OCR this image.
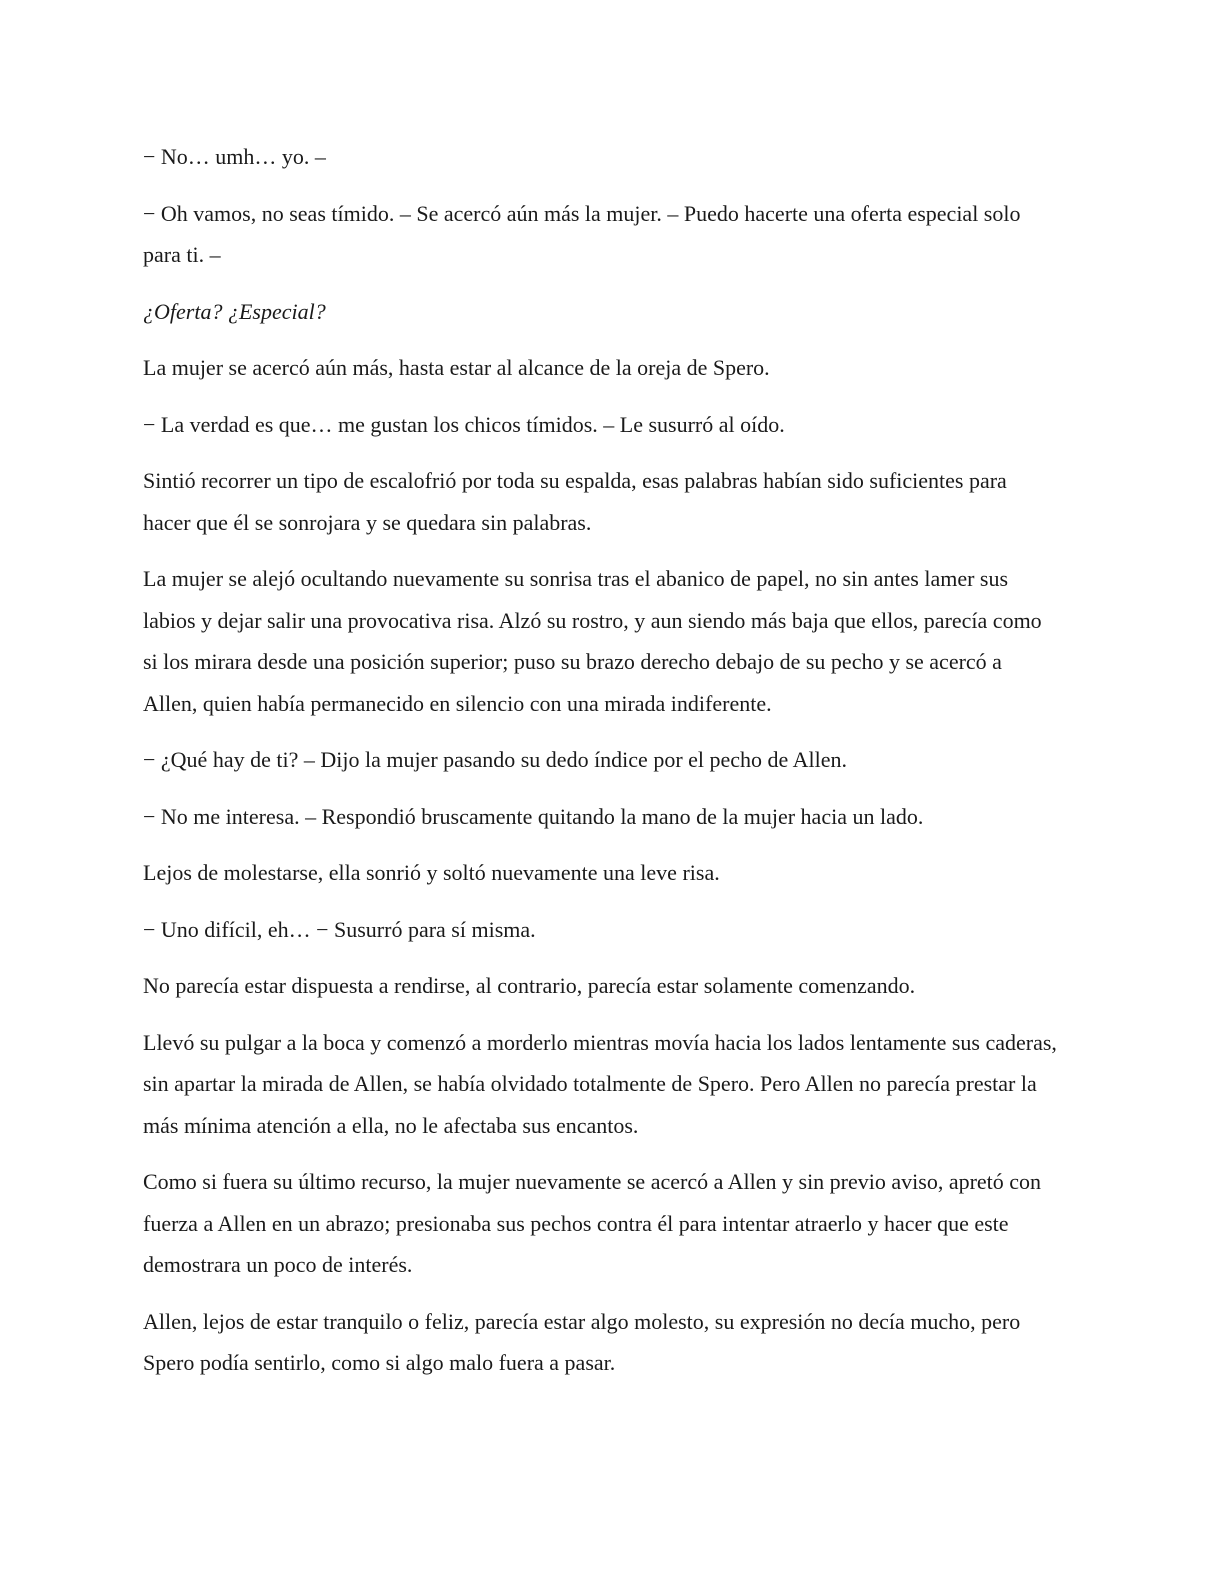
− No… umh… yo. –

− Oh vamos, no seas tímido. – Se acercó aún más la mujer. – Puedo hacerte una oferta especial solo para ti. –

¿Oferta? ¿Especial?

La mujer se acercó aún más, hasta estar al alcance de la oreja de Spero.

− La verdad es que… me gustan los chicos tímidos. – Le susurró al oído.

Sintió recorrer un tipo de escalofrió por toda su espalda, esas palabras habían sido suficientes para hacer que él se sonrojara y se quedara sin palabras.

La mujer se alejó ocultando nuevamente su sonrisa tras el abanico de papel, no sin antes lamer sus labios y dejar salir una provocativa risa. Alzó su rostro, y aun siendo más baja que ellos, parecía como si los mirara desde una posición superior; puso su brazo derecho debajo de su pecho y se acercó a Allen, quien había permanecido en silencio con una mirada indiferente.

− ¿Qué hay de ti? – Dijo la mujer pasando su dedo índice por el pecho de Allen.

− No me interesa. – Respondió bruscamente quitando la mano de la mujer hacia un lado.

Lejos de molestarse, ella sonrió y soltó nuevamente una leve risa.

− Uno difícil, eh… − Susurró para sí misma.

No parecía estar dispuesta a rendirse, al contrario, parecía estar solamente comenzando.

Llevó su pulgar a la boca y comenzó a morderlo mientras movía hacia los lados lentamente sus caderas, sin apartar la mirada de Allen, se había olvidado totalmente de Spero. Pero Allen no parecía prestar la más mínima atención a ella, no le afectaba sus encantos.

Como si fuera su último recurso, la mujer nuevamente se acercó a Allen y sin previo aviso, apretó con fuerza a Allen en un abrazo; presionaba sus pechos contra él para intentar atraerlo y hacer que este demostrara un poco de interés.

Allen, lejos de estar tranquilo o feliz, parecía estar algo molesto, su expresión no decía mucho, pero Spero podía sentirlo, como si algo malo fuera a pasar.
